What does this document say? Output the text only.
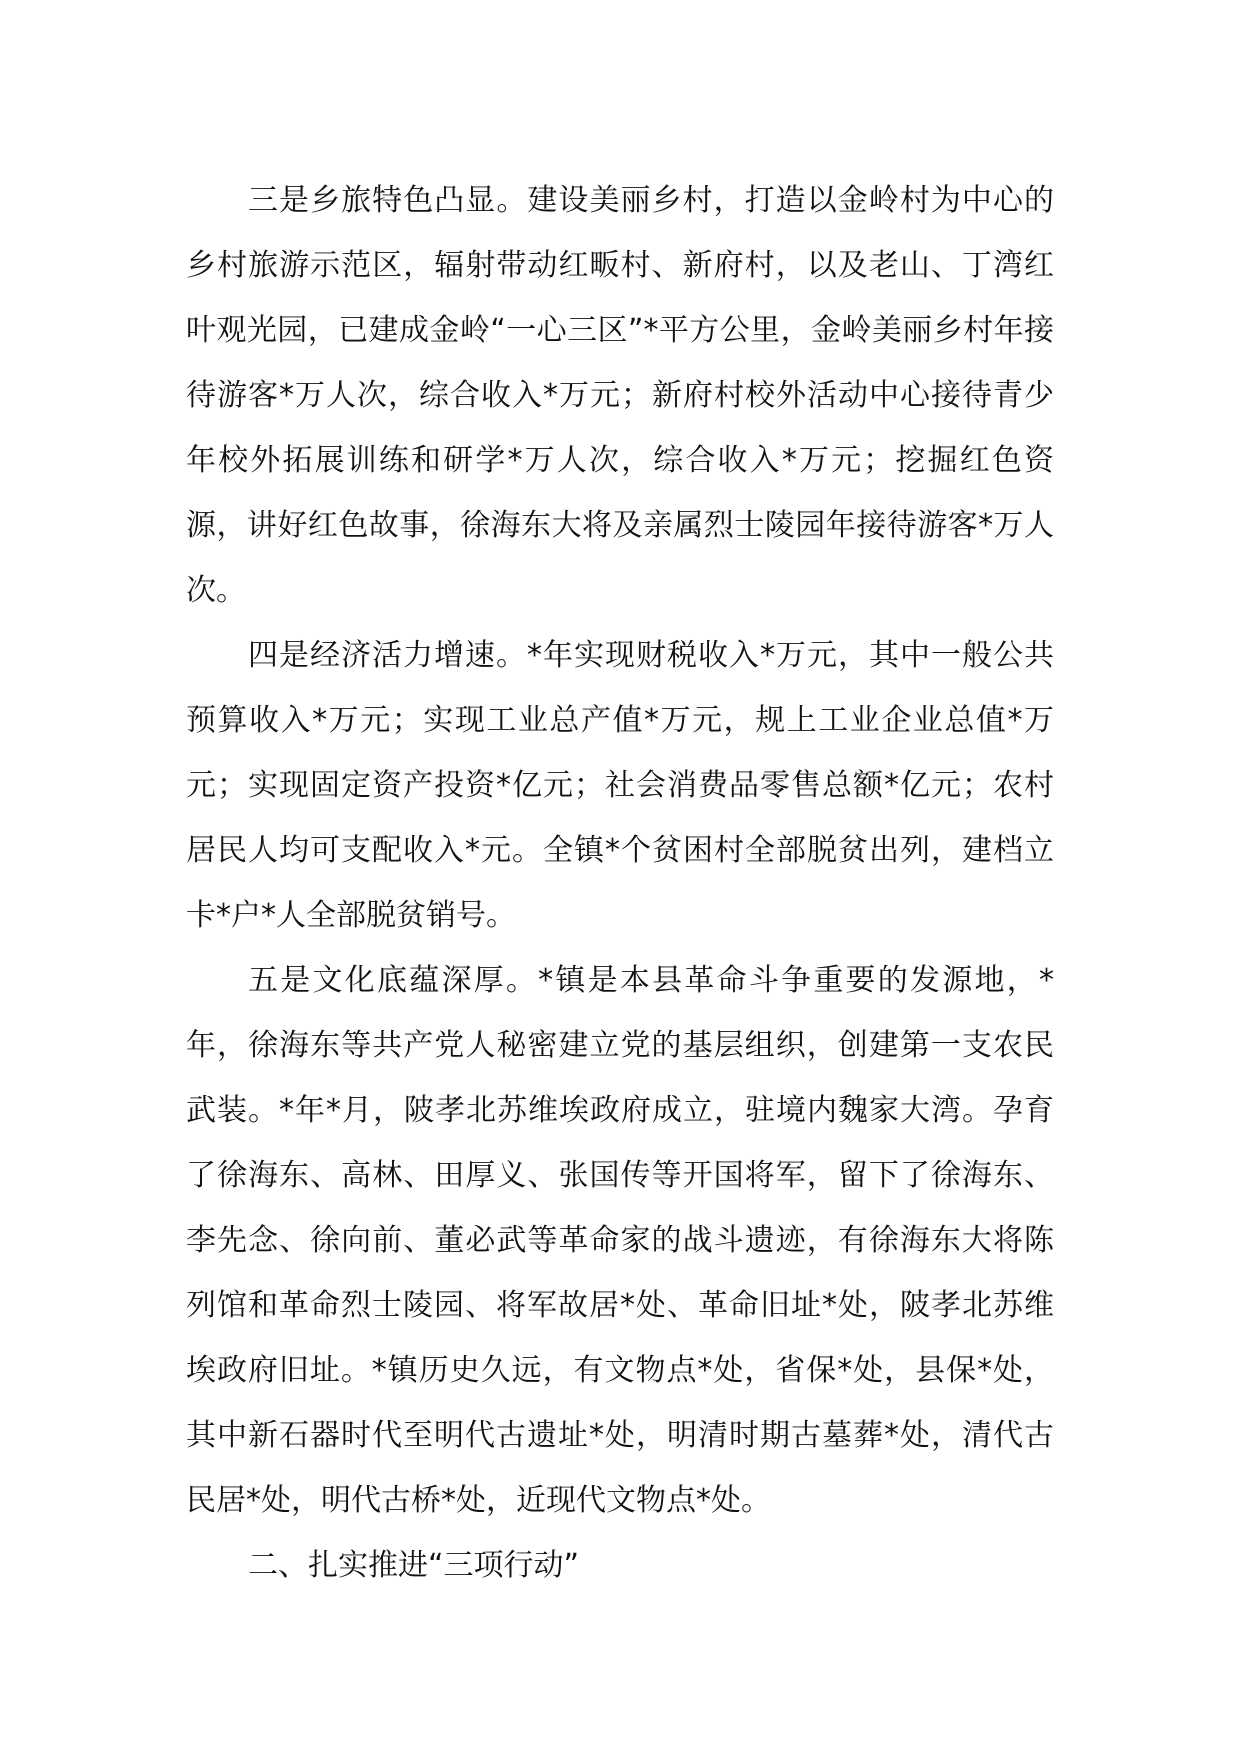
三是乡旅特色凸显。建设美丽乡村，打造以金岭村为中心的乡村旅游示范区，辐射带动红畈村、新府村，以及老山、丁湾红叶观光园，已建成金岭“一心三区”*平方公里，金岭美丽乡村年接待游客*万人次，综合收入*万元；新府村校外活动中心接待青少年校外拓展训练和研学*万人次，综合收入*万元；挖掘红色资源，讲好红色故事，徐海东大将及亲属烈士陵园年接待游客*万人次。

四是经济活力增速。*年实现财税收入*万元，其中一般公共预算收入*万元；实现工业总产值*万元，规上工业企业总值*万元；实现固定资产投资*亿元；社会消费品零售总额*亿元；农村居民人均可支配收入*元。全镇*个贫困村全部脱贫出列，建档立卡*户*人全部脱贫销号。

五是文化底蕴深厚。*镇是本县革命斗争重要的发源地，*年，徐海东等共产党人秘密建立党的基层组织，创建第一支农民武装。*年*月，陂孝北苏维埃政府成立，驻境内魏家大湾。孕育了徐海东、高林、田厚义、张国传等开国将军，留下了徐海东、李先念、徐向前、董必武等革命家的战斗遗迹，有徐海东大将陈列馆和革命烈士陵园、将军故居*处、革命旧址*处，陂孝北苏维埃政府旧址。*镇历史久远，有文物点*处，省保*处，县保*处，其中新石器时代至明代古遗址*处，明清时期古墓葬*处，清代古民居*处，明代古桥*处，近现代文物点*处。

二、扎实推进“三项行动”
